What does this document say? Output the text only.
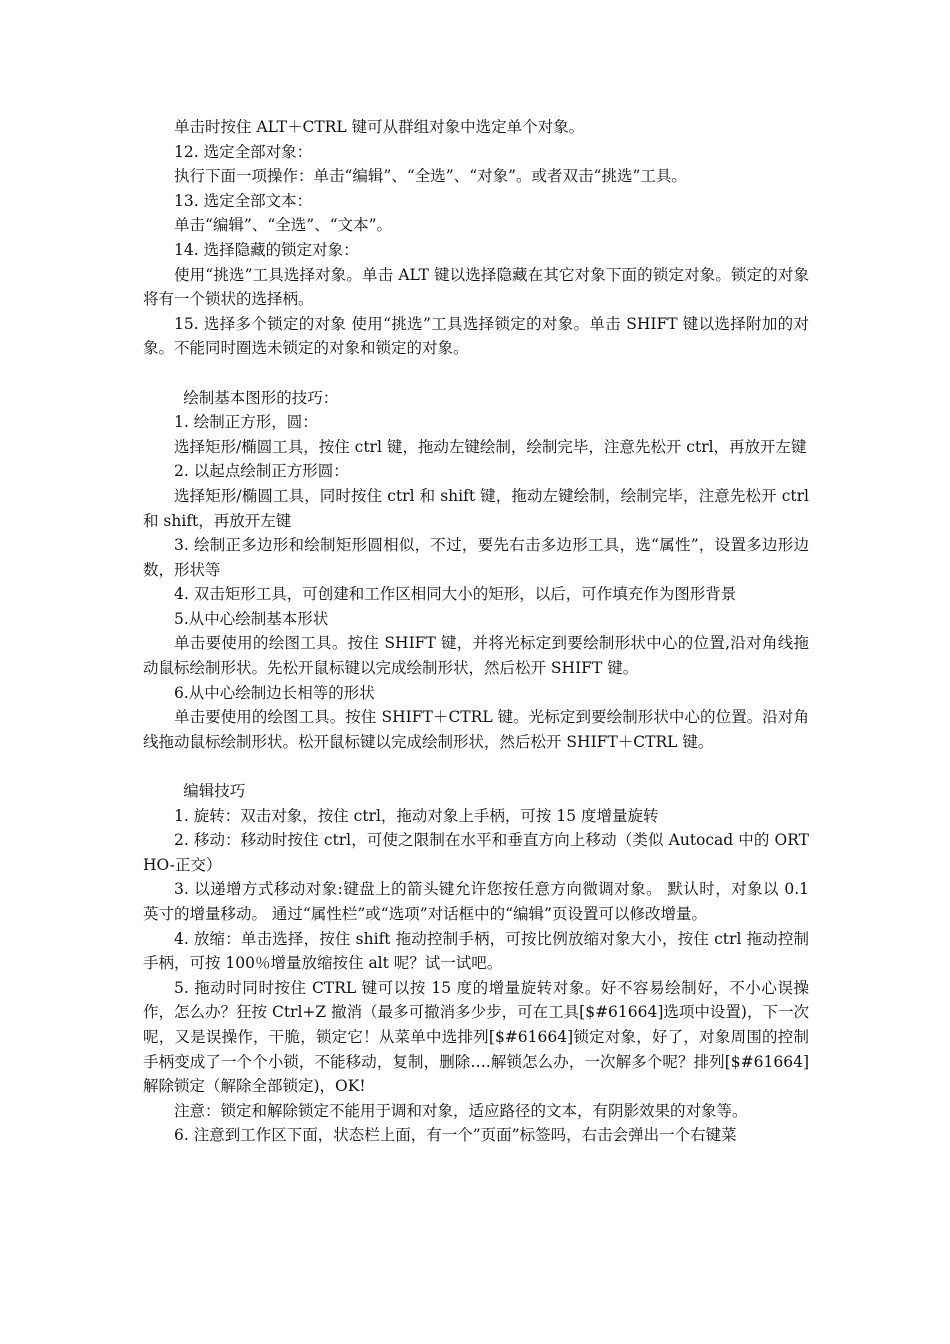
单击时按住 ALT＋CTRL 键可从群组对象中选定单个对象。

12. 选定全部对象：

执行下面一项操作：单击“编辑”、“全选”、“对象”。或者双击“挑选”工具。

13. 选定全部文本：

单击“编辑”、“全选”、“文本”。

14. 选择隐藏的锁定对象：

使用“挑选”工具选择对象。单击 ALT 键以选择隐藏在其它对象下面的锁定对象。锁定的对象将有一个锁状的选择柄。

15. 选择多个锁定的对象 使用“挑选”工具选择锁定的对象。单击 SHIFT 键以选择附加的对象。不能同时圈选未锁定的对象和锁定的对象。

绘制基本图形的技巧：

1. 绘制正方形，圆：

选择矩形/椭圆工具，按住 ctrl 键，拖动左键绘制，绘制完毕，注意先松开 ctrl，再放开左键

2. 以起点绘制正方形圆：

选择矩形/椭圆工具，同时按住 ctrl 和 shift 键，拖动左键绘制，绘制完毕，注意先松开 ctrl 和 shift，再放开左键

3. 绘制正多边形和绘制矩形圆相似，不过，要先右击多边形工具，选“属性”，设置多边形边数，形状等

4. 双击矩形工具，可创建和工作区相同大小的矩形，以后，可作填充作为图形背景

5.从中心绘制基本形状

单击要使用的绘图工具。按住 SHIFT 键，并将光标定到要绘制形状中心的位置,沿对角线拖动鼠标绘制形状。先松开鼠标键以完成绘制形状，然后松开 SHIFT 键。

6.从中心绘制边长相等的形状

单击要使用的绘图工具。按住 SHIFT＋CTRL 键。光标定到要绘制形状中心的位置。沿对角线拖动鼠标绘制形状。松开鼠标键以完成绘制形状，然后松开 SHIFT＋CTRL 键。

编辑技巧

1. 旋转：双击对象，按住 ctrl，拖动对象上手柄，可按 15 度增量旋转

2. 移动：移动时按住 ctrl，可使之限制在水平和垂直方向上移动（类似 Autocad 中的 ORTHO-正交）

3. 以递增方式移动对象:键盘上的箭头键允许您按任意方向微调对象。 默认时，对象以 0.1 英寸的增量移动。 通过“属性栏”或“选项”对话框中的“编辑”页设置可以修改增量。

4. 放缩：单击选择，按住 shift 拖动控制手柄，可按比例放缩对象大小，按住 ctrl 拖动控制手柄，可按 100％增量放缩按住 alt 呢？试一试吧。

5. 拖动时同时按住 CTRL 键可以按 15 度的增量旋转对象。好不容易绘制好，不小心误操作，怎么办？狂按 Ctrl+Z 撤消（最多可撤消多少步，可在工具[$#61664]选项中设置)，下一次呢，又是误操作，干脆，锁定它！从菜单中选排列[$#61664]锁定对象，好了，对象周围的控制手柄变成了一个个小锁，不能移动，复制，删除….解锁怎么办，一次解多个呢？排列[$#61664]解除锁定（解除全部锁定)，OK!

注意：锁定和解除锁定不能用于调和对象，适应路径的文本，有阴影效果的对象等。

6. 注意到工作区下面，状态栏上面，有一个”页面”标签吗，右击会弹出一个右键菜
